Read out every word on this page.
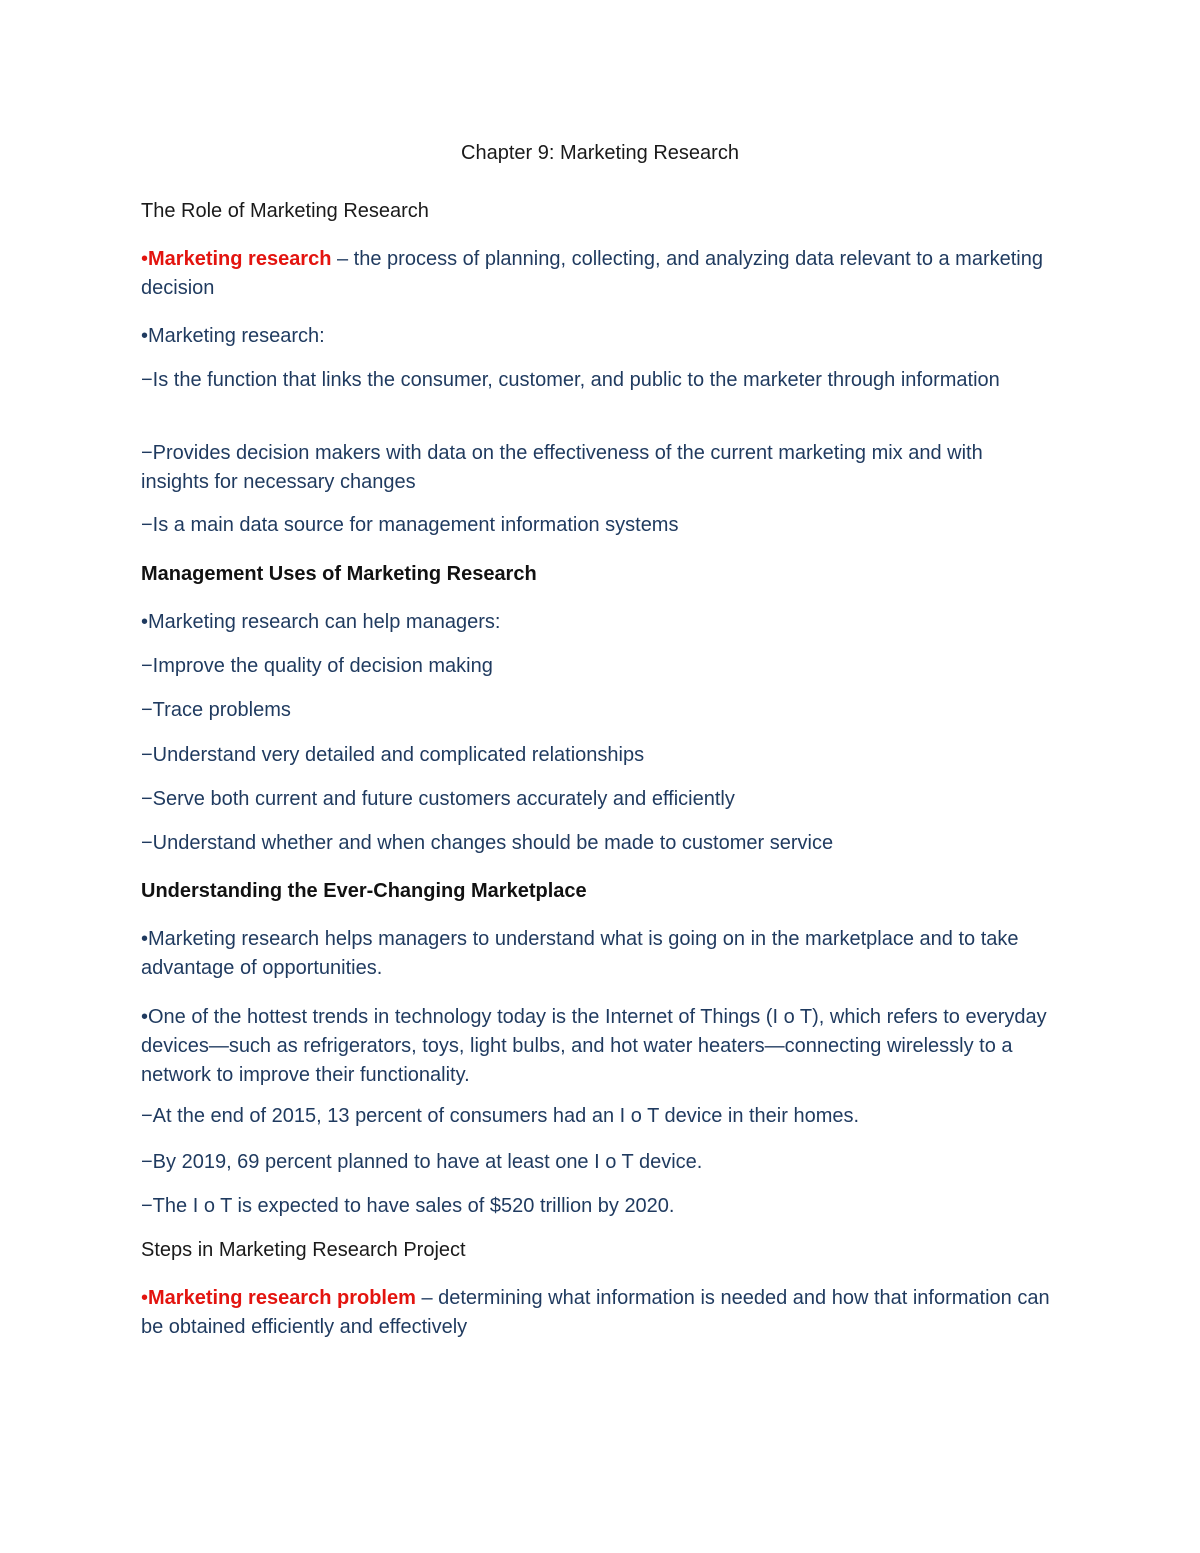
Chapter 9: Marketing Research

The Role of Marketing Research

•Marketing research – the process of planning, collecting, and analyzing data relevant to a marketing decision

•Marketing research:

−Is the function that links the consumer, customer, and public to the marketer through information

−Provides decision makers with data on the effectiveness of the current marketing mix and with insights for necessary changes

−Is a main data source for management information systems

Management Uses of Marketing Research

•Marketing research can help managers:

−Improve the quality of decision making

−Trace problems

−Understand very detailed and complicated relationships

−Serve both current and future customers accurately and efficiently

−Understand whether and when changes should be made to customer service

Understanding the Ever-Changing Marketplace

•Marketing research helps managers to understand what is going on in the marketplace and to take advantage of opportunities.

•One of the hottest trends in technology today is the Internet of Things (I o T), which refers to everyday devices—such as refrigerators, toys, light bulbs, and hot water heaters—connecting wirelessly to a network to improve their functionality.

−At the end of 2015, 13 percent of consumers had an I o T device in their homes.

−By 2019, 69 percent planned to have at least one I o T device.

−The I o T is expected to have sales of $520 trillion by 2020.

Steps in Marketing Research Project

•Marketing research problem – determining what information is needed and how that information can be obtained efficiently and effectively
